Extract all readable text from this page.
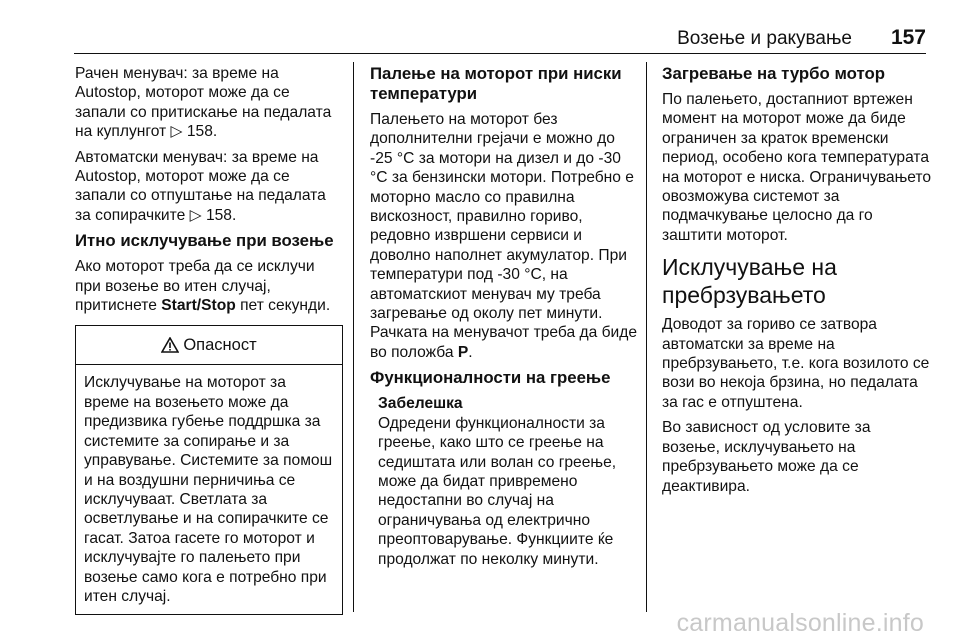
Возење и ракување 157

Рачен менувач: за време на Autostop, моторот може да се запали со притискање на педалата на куплунгот ▷ 158.

Автоматски менувач: за време на Autostop, моторот може да се запали со отпуштање на педалата за сопирачките ▷ 158.

Итно исклучување при возење

Ако моторот треба да се исклучи при возење во итен случај, притиснете Start/Stop пет секунди.

Опасност
Исклучување на моторот за време на возењето може да предизвика губење поддршка за системите за сопирање и за управување. Системите за помош и на воздушни перничиња се исклучуваат. Светлата за осветлување и на сопирачките се гасат. Затоа гасете го моторот и исклучувајте го палењето при возење само кога е потребно при итен случај.
Палење на моторот при ниски температури

Палењето на моторот без дополнителни грејачи е можно до -25 °C за мотори на дизел и до -30 °C за бензински мотори. Потребно е моторно масло со правилна вискозност, правилно гориво, редовно извршени сервиси и доволно наполнет акумулатор. При температури под -30 °C, на автоматскиот менувач му треба загревање од околу пет минути. Рачката на менувачот треба да биде во положба P.

Функционалности на греење
Забелешка
Одредени функционалности за греење, како што се греење на седиштата или волан со греење, може да бидат привремено недостапни во случај на ограничувања од електрично преоптоварување. Функциите ќе продолжат по неколку минути.
Загревање на турбо мотор

По палењето, достапниот вртежен момент на моторот може да биде ограничен за краток временски период, особено кога температурата на моторот е ниска. Ограничувањето овозможува системот за подмачкување целосно да го заштити моторот.

Исклучување на пребрзувањето

Доводот за гориво се затвора автоматски за време на пребрзувањето, т.е. кога возилото се вози во некоја брзина, но педалата за гас е отпуштена.

Во зависност од условите за возење, исклучувањето на пребрзувањето може да се деактивира.

carmanualsonline.info
